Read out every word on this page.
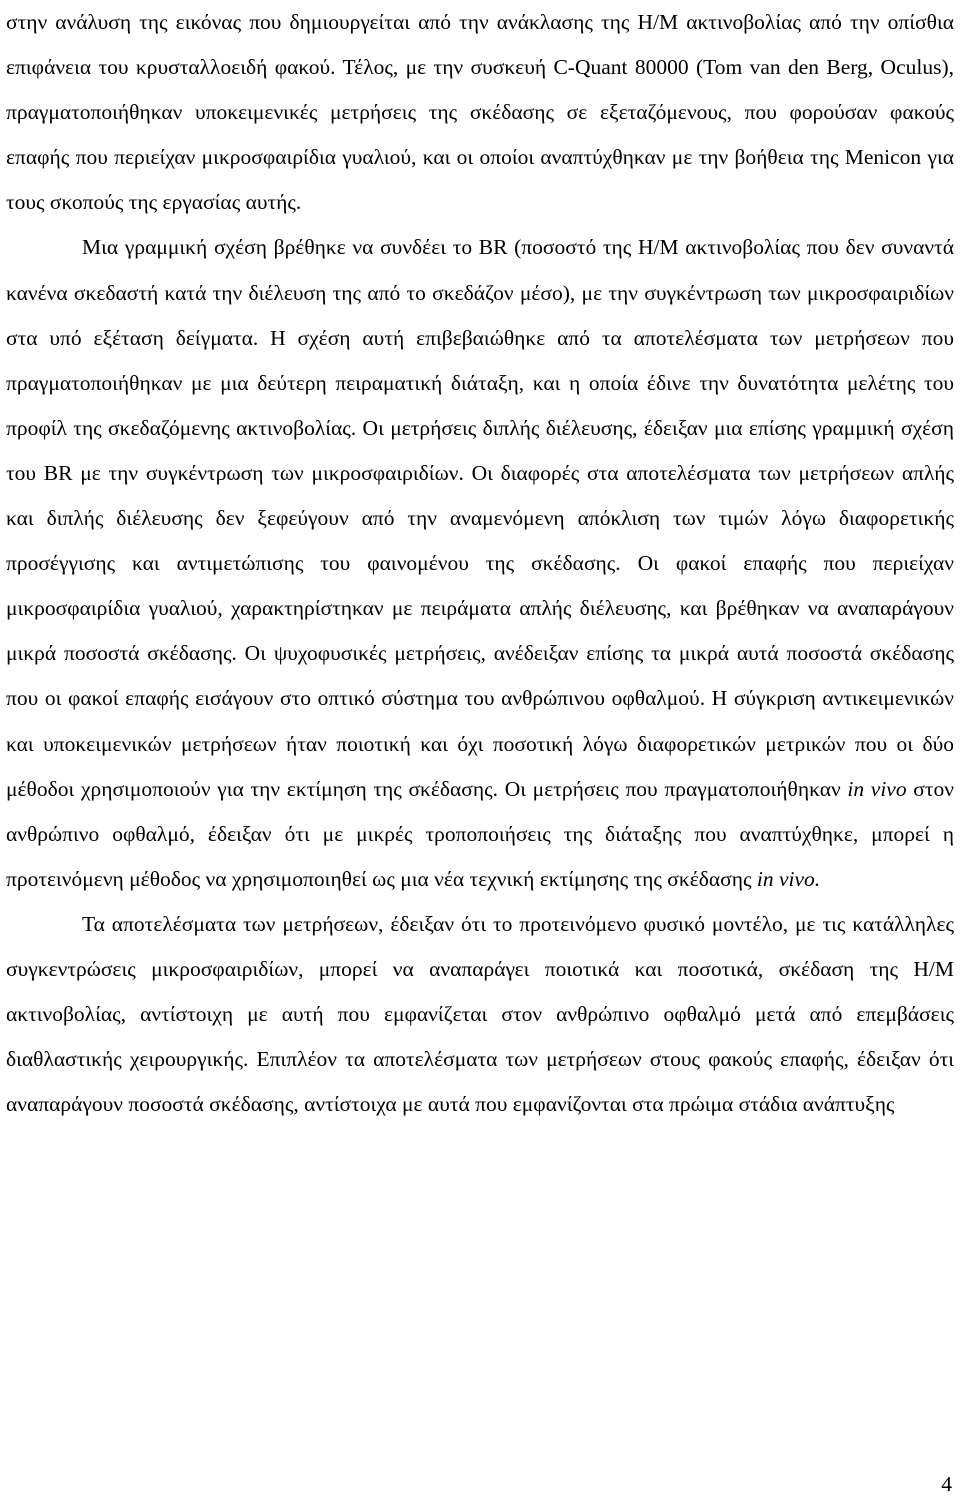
στην ανάλυση της εικόνας που δημιουργείται από την ανάκλασης της Η/Μ ακτινοβολίας από την οπίσθια επιφάνεια του κρυσταλλοειδή φακού. Τέλος, με την συσκευή C-Quant 80000 (Tom van den Berg, Oculus), πραγματοποιήθηκαν υποκειμενικές μετρήσεις της σκέδασης σε εξεταζόμενους, που φορούσαν φακούς επαφής που περιείχαν μικροσφαιρίδια γυαλιού, και οι οποίοι αναπτύχθηκαν με την βοήθεια της Menicon για τους σκοπούς της εργασίας αυτής.

Μια γραμμική σχέση βρέθηκε να συνδέει το BR (ποσοστό της Η/Μ ακτινοβολίας που δεν συναντά κανένα σκεδαστή κατά την διέλευση της από το σκεδάζον μέσο), με την συγκέντρωση των μικροσφαιριδίων στα υπό εξέταση δείγματα. Η σχέση αυτή επιβεβαιώθηκε από τα αποτελέσματα των μετρήσεων που πραγματοποιήθηκαν με μια δεύτερη πειραματική διάταξη, και η οποία έδινε την δυνατότητα μελέτης του προφίλ της σκεδαζόμενης ακτινοβολίας. Οι μετρήσεις διπλής διέλευσης, έδειξαν μια επίσης γραμμική σχέση του BR με την συγκέντρωση των μικροσφαιριδίων. Οι διαφορές στα αποτελέσματα των μετρήσεων απλής και διπλής διέλευσης δεν ξεφεύγουν από την αναμενόμενη απόκλιση των τιμών λόγω διαφορετικής προσέγγισης και αντιμετώπισης του φαινομένου της σκέδασης. Οι φακοί επαφής που περιείχαν μικροσφαιρίδια γυαλιού, χαρακτηρίστηκαν με πειράματα απλής διέλευσης, και βρέθηκαν να αναπαράγουν μικρά ποσοστά σκέδασης. Οι ψυχοφυσικές μετρήσεις, ανέδειξαν επίσης τα μικρά αυτά ποσοστά σκέδασης που οι φακοί επαφής εισάγουν στο οπτικό σύστημα του ανθρώπινου οφθαλμού. Η σύγκριση αντικειμενικών και υποκειμενικών μετρήσεων ήταν ποιοτική και όχι ποσοτική λόγω διαφορετικών μετρικών που οι δύο μέθοδοι χρησιμοποιούν για την εκτίμηση της σκέδασης. Οι μετρήσεις που πραγματοποιήθηκαν in vivo στον ανθρώπινο οφθαλμό, έδειξαν ότι με μικρές τροποποιήσεις της διάταξης που αναπτύχθηκε, μπορεί η προτεινόμενη μέθοδος να χρησιμοποιηθεί ως μια νέα τεχνική εκτίμησης της σκέδασης in vivo.

Τα αποτελέσματα των μετρήσεων, έδειξαν ότι το προτεινόμενο φυσικό μοντέλο, με τις κατάλληλες συγκεντρώσεις μικροσφαιριδίων, μπορεί να αναπαράγει ποιοτικά και ποσοτικά, σκέδαση της Η/Μ ακτινοβολίας, αντίστοιχη με αυτή που εμφανίζεται στον ανθρώπινο οφθαλμό μετά από επεμβάσεις διαθλαστικής χειρουργικής. Επιπλέον τα αποτελέσματα των μετρήσεων στους φακούς επαφής, έδειξαν ότι αναπαράγουν ποσοστά σκέδασης, αντίστοιχα με αυτά που εμφανίζονται στα πρώιμα στάδια ανάπτυξης

4
